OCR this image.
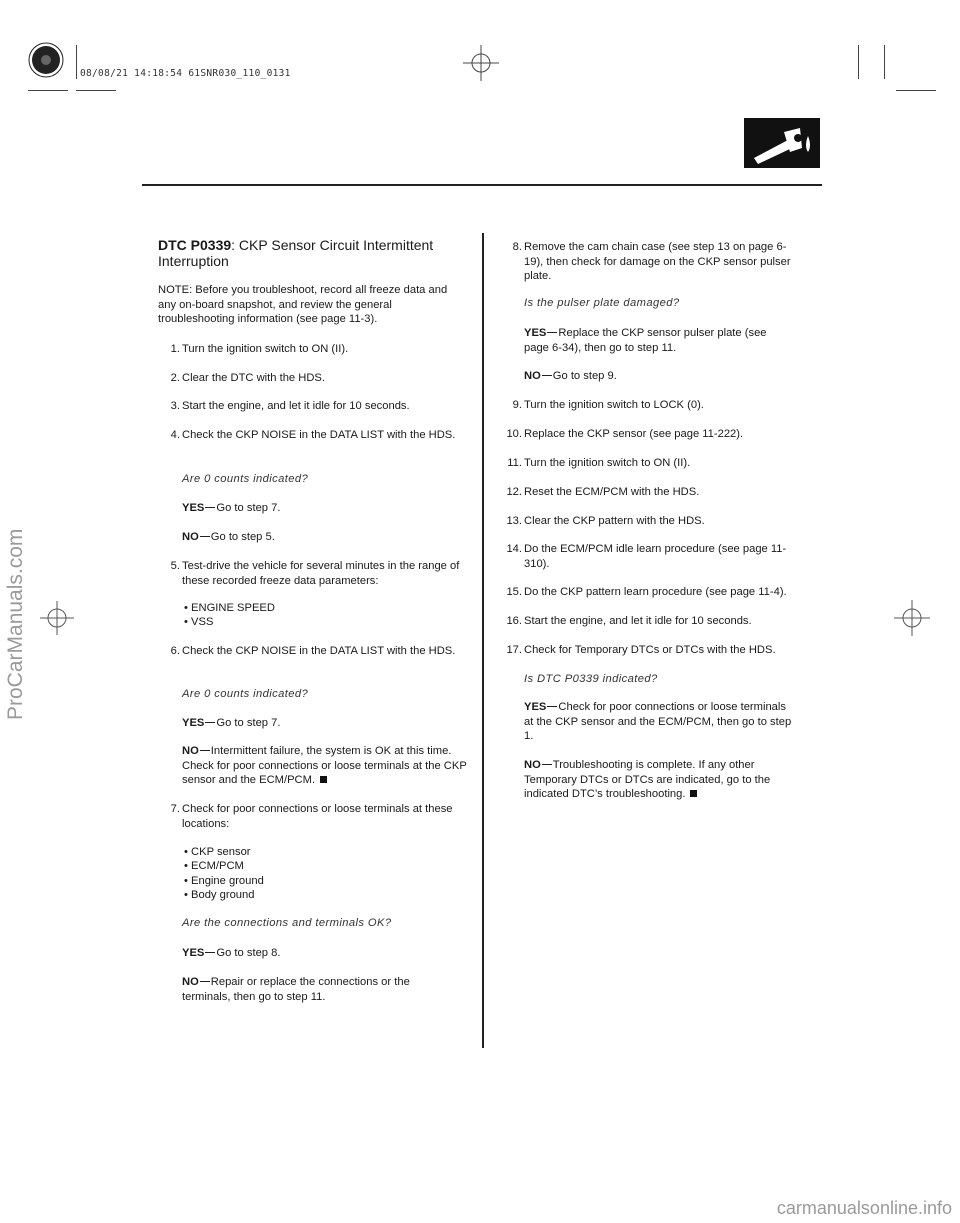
08/08/21 14:18:54 61SNR030_110_0131
ProCarManuals.com
carmanualsonline.info
DTC P0339: CKP Sensor Circuit Intermittent Interruption

NOTE: Before you troubleshoot, record all freeze data and any on-board snapshot, and review the general troubleshooting information (see page 11-3).

1. Turn the ignition switch to ON (II).
2. Clear the DTC with the HDS.
3. Start the engine, and let it idle for 10 seconds.
4. Check the CKP NOISE in the DATA LIST with the HDS.
Are 0 counts indicated?
YES Go to step 7.
NO Go to step 5.
5. Test-drive the vehicle for several minutes in the range of these recorded freeze data parameters:
• ENGINE SPEED
• VSS
6. Check the CKP NOISE in the DATA LIST with the HDS.
Are 0 counts indicated?
YES Go to step 7.
NO Intermittent failure, the system is OK at this time. Check for poor connections or loose terminals at the CKP sensor and the ECM/PCM.
7. Check for poor connections or loose terminals at these locations:
• CKP sensor
• ECM/PCM
• Engine ground
• Body ground
Are the connections and terminals OK?
YES Go to step 8.
NO Repair or replace the connections or the terminals, then go to step 11.
8. Remove the cam chain case (see step 13 on page 6-19), then check for damage on the CKP sensor pulser plate.
Is the pulser plate damaged?
YES Replace the CKP sensor pulser plate (see page 6-34), then go to step 11.
NO Go to step 9.
9. Turn the ignition switch to LOCK (0).
10. Replace the CKP sensor (see page 11-222).
11. Turn the ignition switch to ON (II).
12. Reset the ECM/PCM with the HDS.
13. Clear the CKP pattern with the HDS.
14. Do the ECM/PCM idle learn procedure (see page 11-310).
15. Do the CKP pattern learn procedure (see page 11-4).
16. Start the engine, and let it idle for 10 seconds.
17. Check for Temporary DTCs or DTCs with the HDS.
Is DTC P0339 indicated?
YES Check for poor connections or loose terminals at the CKP sensor and the ECM/PCM, then go to step 1.
NO Troubleshooting is complete. If any other Temporary DTCs or DTCs are indicated, go to the indicated DTC’s troubleshooting.
